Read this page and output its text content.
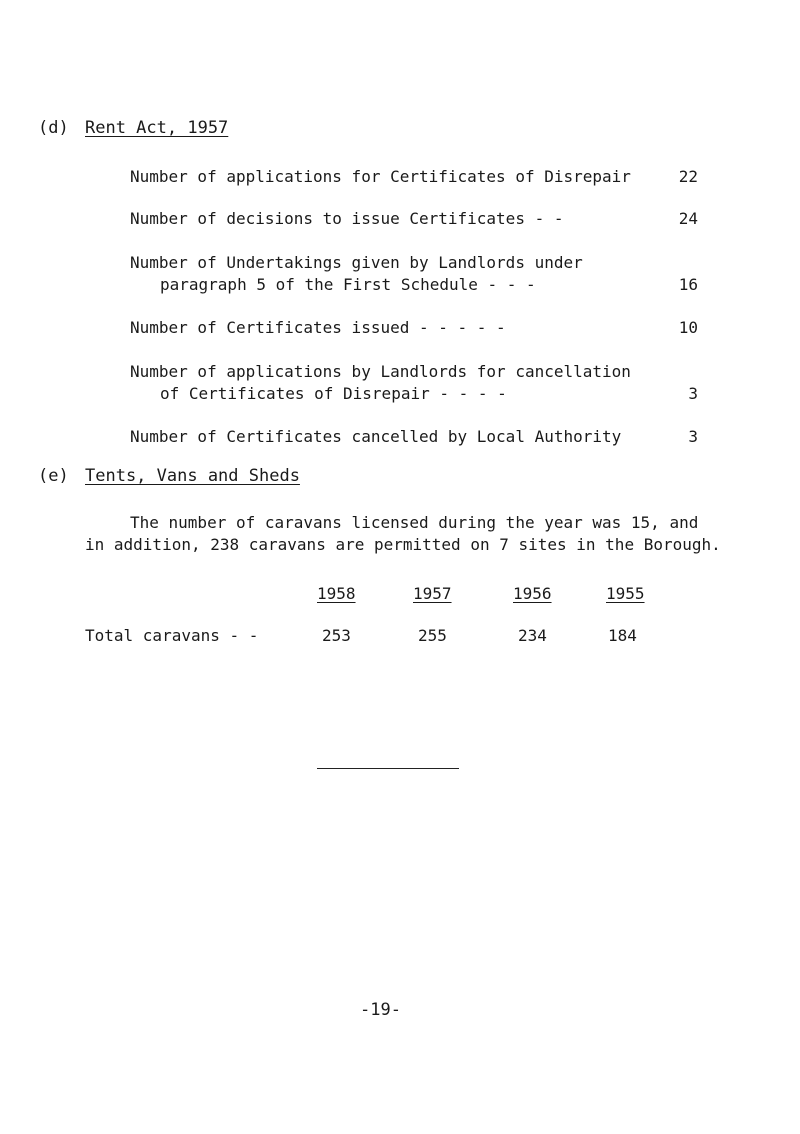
(d) Rent Act, 1957
Number of applications for Certificates of Disrepair	22
Number of decisions to issue Certificates - -	24
Number of Undertakings given by Landlords under
paragraph 5 of the First Schedule - - -	16
Number of Certificates issued - - - - -	10
Number of applications by Landlords for cancellation
of Certificates of Disrepair - - - -	3
Number of Certificates cancelled by Local Authority	3
(e) Tents, Vans and Sheds
The number of caravans licensed during the year was 15, and
in addition, 238 caravans are permitted on 7 sites in the Borough.
1958	1957	1956	1955
Total caravans - -	253	255	234	184
-19-
